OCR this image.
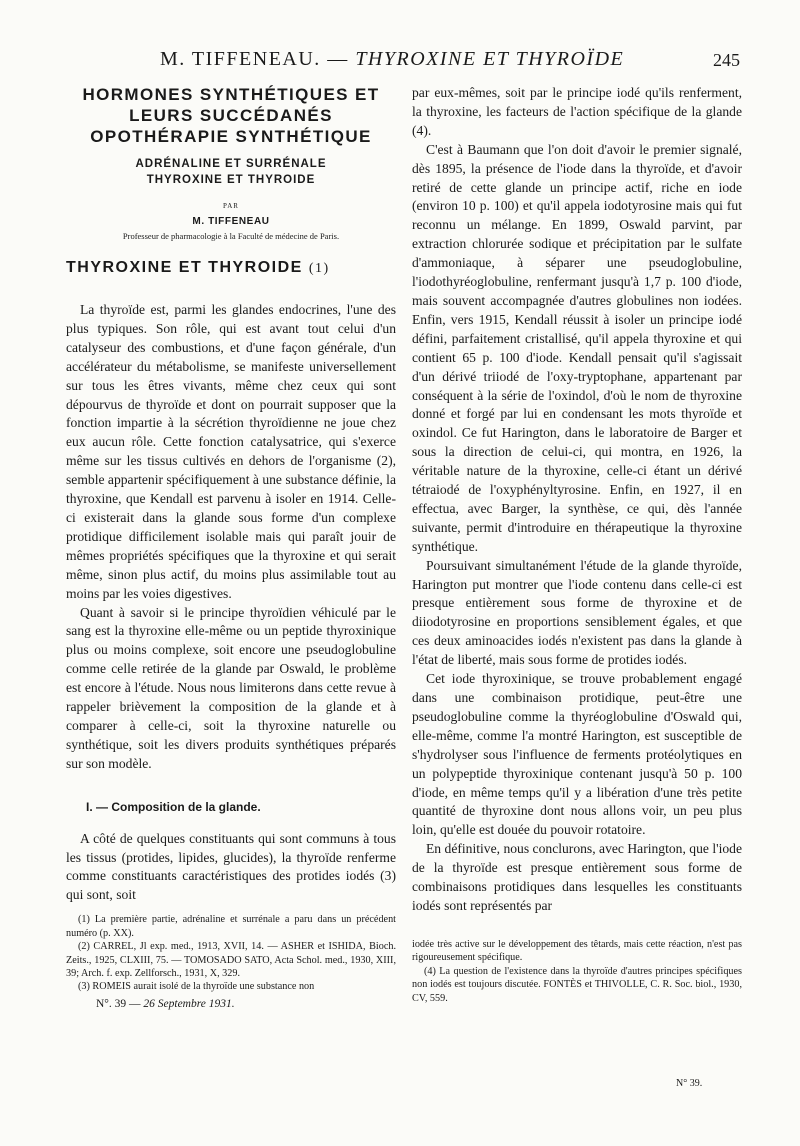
M. TIFFENEAU. — THYROXINE ET THYROÏDE	245

HORMONES SYNTHÉTIQUES ET LEURS SUCCÉDANÉS OPOTHÉRAPIE SYNTHÉTIQUE

ADRÉNALINE ET SURRÉNALE

THYROXINE ET THYROIDE

PAR

M. TIFFENEAU

Professeur de pharmacologie à la Faculté de médecine de Paris.

THYROXINE ET THYROIDE (1)

La thyroïde est, parmi les glandes endocrines, l'une des plus typiques. Son rôle, qui est avant tout celui d'un catalyseur des combustions, et d'une façon générale, d'un accélérateur du métabolisme, se manifeste universellement sur tous les êtres vivants, même chez ceux qui sont dépourvus de thyroïde et dont on pourrait supposer que la fonction impartie à la sécrétion thyroïdienne ne joue chez eux aucun rôle. Cette fonction catalysatrice, qui s'exerce même sur les tissus cultivés en dehors de l'organisme (2), semble appartenir spécifiquement à une substance définie, la thyroxine, que Kendall est parvenu à isoler en 1914. Celle-ci existerait dans la glande sous forme d'un complexe protidique difficilement isolable mais qui paraît jouir de mêmes propriétés spécifiques que la thyroxine et qui serait même, sinon plus actif, du moins plus assimilable tout au moins par les voies digestives.

Quant à savoir si le principe thyroïdien véhiculé par le sang est la thyroxine elle-même ou un peptide thyroxinique plus ou moins complexe, soit encore une pseudoglobuline comme celle retirée de la glande par Oswald, le problème est encore à l'étude. Nous nous limiterons dans cette revue à rappeler brièvement la composition de la glande et à comparer à celle-ci, soit la thyroxine naturelle ou synthétique, soit les divers produits synthétiques préparés sur son modèle.

I. — Composition de la glande.

A côté de quelques constituants qui sont communs à tous les tissus (protides, lipides, glucides), la thyroïde renferme comme constituants caractéristiques des protides iodés (3) qui sont, soit

(1) La première partie, adrénaline et surrénale a paru dans un précédent numéro (p. XX).

(2) CARREL, Jl exp. med., 1913, XVII, 14. — ASHER et ISHIDA, Bioch. Zeits., 1925, CLXIII, 75. — TOMOSADO SATO, Acta Schol. med., 1930, XIII, 39; Arch. f. exp. Zellforsch., 1931, X, 329.

(3) ROMEIS aurait isolé de la thyroïde une substance non

N°. 39 — 26 Septembre 1931.

par eux-mêmes, soit par le principe iodé qu'ils renferment, la thyroxine, les facteurs de l'action spécifique de la glande (4).

C'est à Baumann que l'on doit d'avoir le premier signalé, dès 1895, la présence de l'iode dans la thyroïde, et d'avoir retiré de cette glande un principe actif, riche en iode (environ 10 p. 100) et qu'il appela iodotyrosine mais qui fut reconnu un mélange. En 1899, Oswald parvint, par extraction chlorurée sodique et précipitation par le sulfate d'ammoniaque, à séparer une pseudoglobuline, l'iodothyréoglobuline, renfermant jusqu'à 1,7 p. 100 d'iode, mais souvent accompagnée d'autres globulines non iodées. Enfin, vers 1915, Kendall réussit à isoler un principe iodé défini, parfaitement cristallisé, qu'il appela thyroxine et qui contient 65 p. 100 d'iode. Kendall pensait qu'il s'agissait d'un dérivé triiodé de l'oxy-tryptophane, appartenant par conséquent à la série de l'oxindol, d'où le nom de thyroxine donné et forgé par lui en condensant les mots thyroïde et oxindol. Ce fut Harington, dans le laboratoire de Barger et sous la direction de celui-ci, qui montra, en 1926, la véritable nature de la thyroxine, celle-ci étant un dérivé tétraiodé de l'oxyphényltyrosine. Enfin, en 1927, il en effectua, avec Barger, la synthèse, ce qui, dès l'année suivante, permit d'introduire en thérapeutique la thyroxine synthétique.

Poursuivant simultanément l'étude de la glande thyroïde, Harington put montrer que l'iode contenu dans celle-ci est presque entièrement sous forme de thyroxine et de diiodotyrosine en proportions sensiblement égales, et que ces deux aminoacides iodés n'existent pas dans la glande à l'état de liberté, mais sous forme de protides iodés.

Cet iode thyroxinique, se trouve probablement engagé dans une combinaison protidique, peut-être une pseudoglobuline comme la thyréoglobuline d'Oswald qui, elle-même, comme l'a montré Harington, est susceptible de s'hydrolyser sous l'influence de ferments protéolytiques en un polypeptide thyroxinique contenant jusqu'à 50 p. 100 d'iode, en même temps qu'il y a libération d'une très petite quantité de thyroxine dont nous allons voir, un peu plus loin, qu'elle est douée du pouvoir rotatoire.

En définitive, nous conclurons, avec Harington, que l'iode de la thyroïde est presque entièrement sous forme de combinaisons protidiques dans lesquelles les constituants iodés sont représentés par

iodée très active sur le développement des têtards, mais cette réaction, n'est pas rigoureusement spécifique.

(4) La question de l'existence dans la thyroïde d'autres principes spécifiques non iodés est toujours discutée. FONTÈS et THIVOLLE, C. R. Soc. biol., 1930, CV, 559.

N° 39.
